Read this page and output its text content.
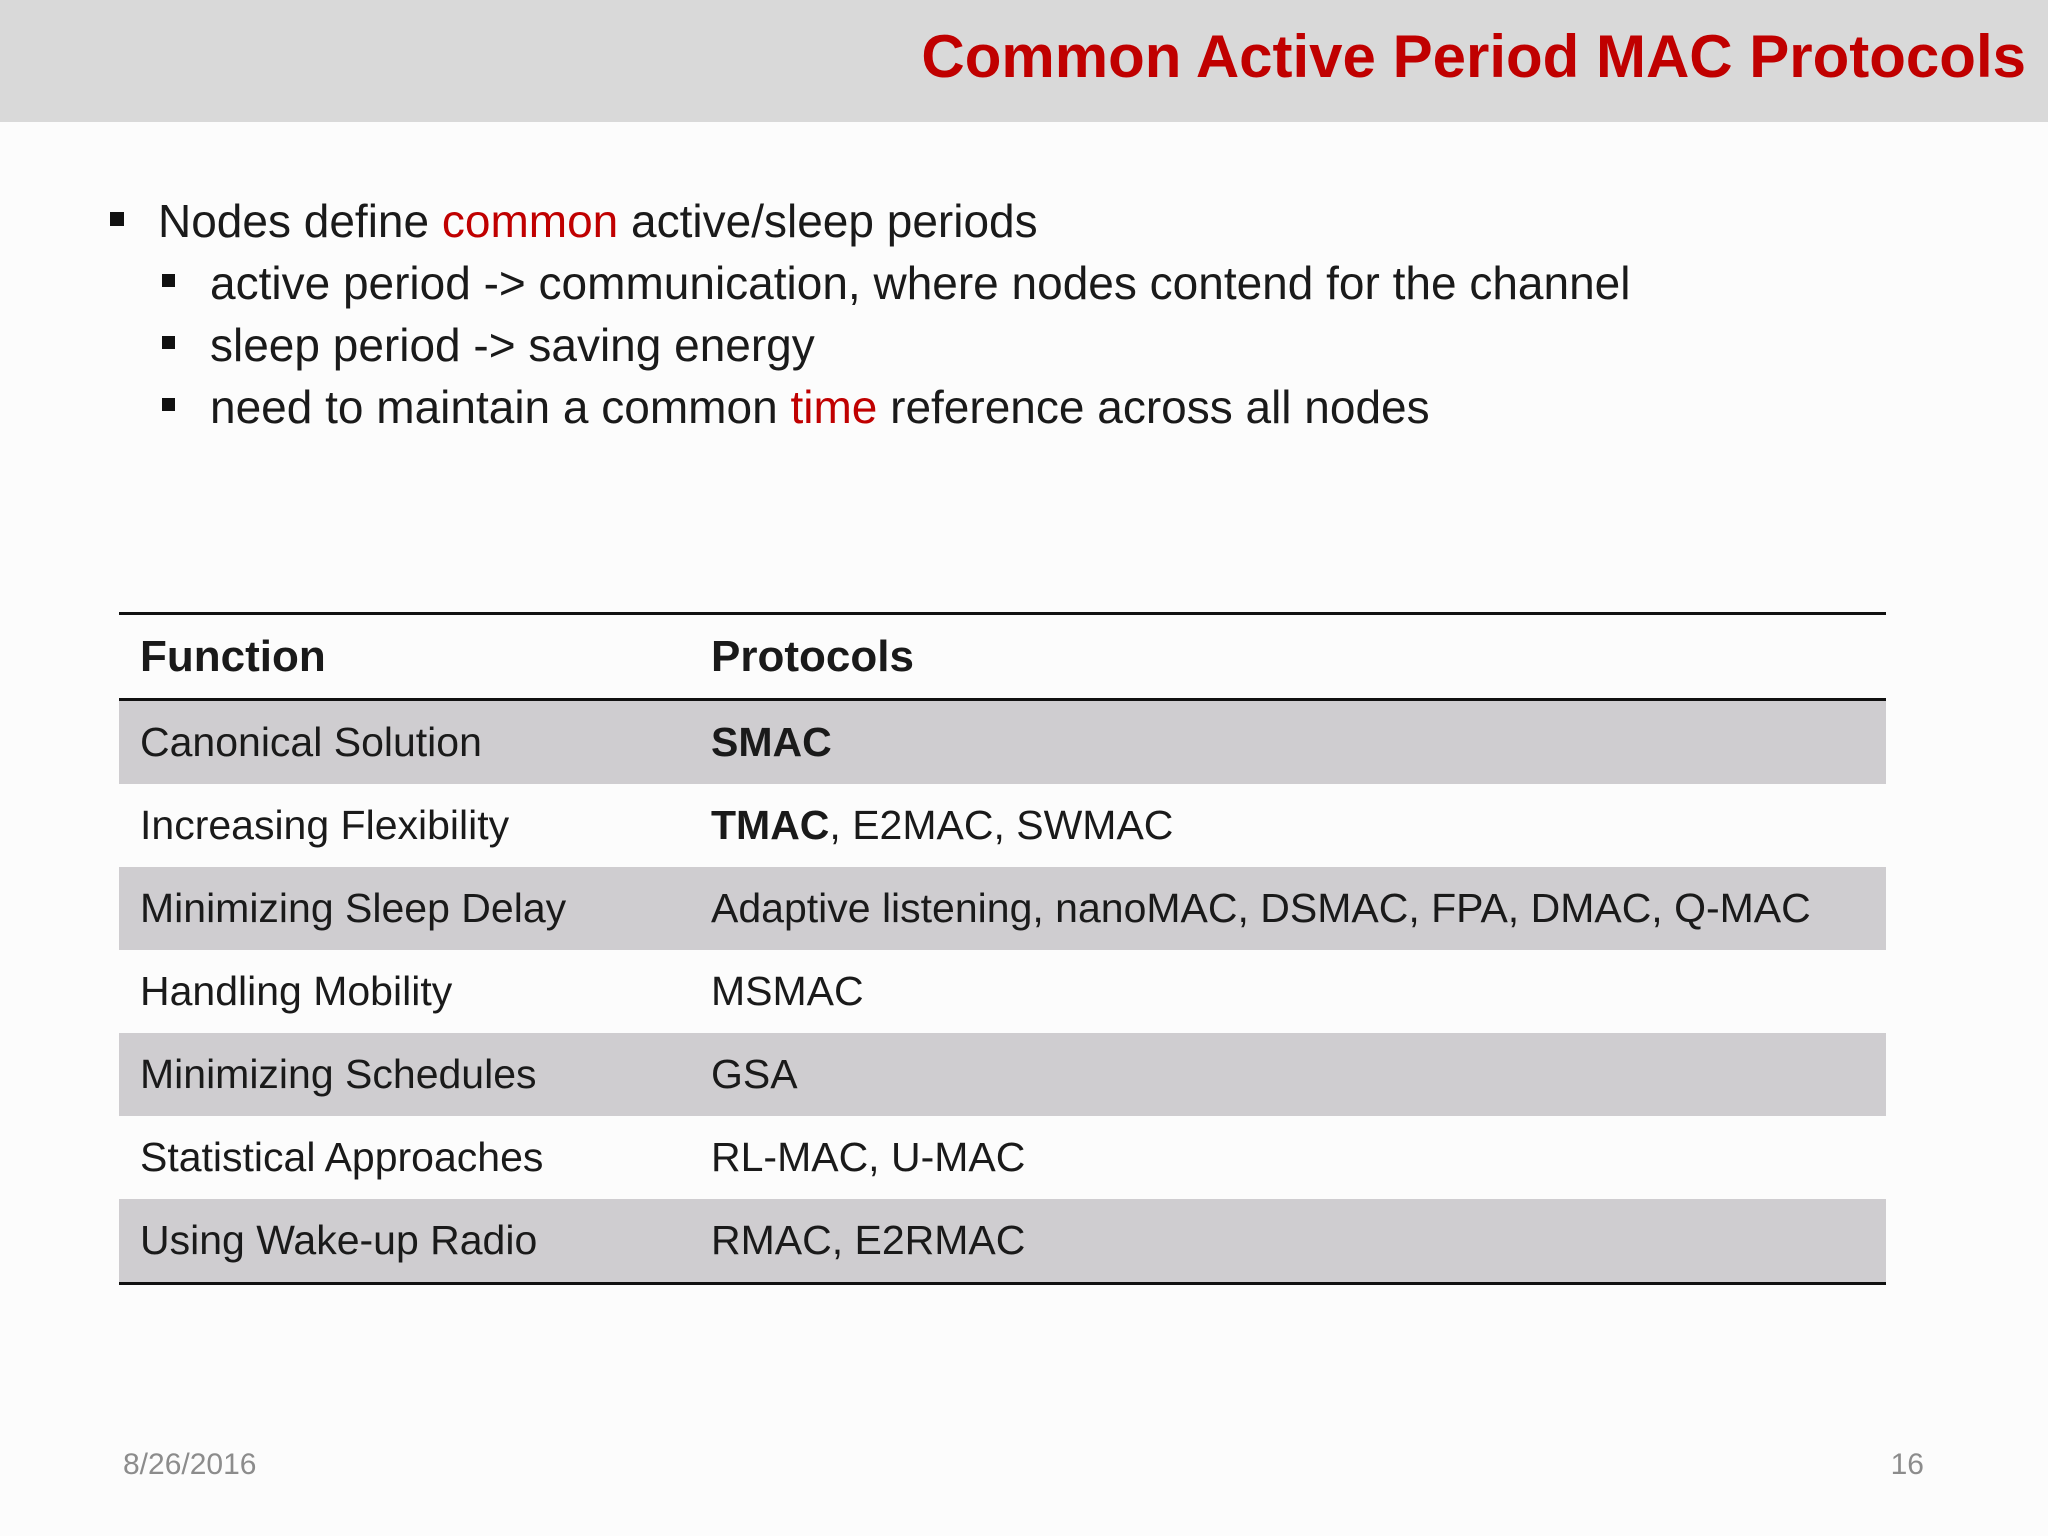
Common Active Period MAC Protocols
Nodes define common active/sleep periods
active period -> communication, where nodes contend for the channel
sleep period -> saving energy
need to maintain a common time reference across all nodes
Function	Protocols
Canonical Solution	SMAC
Increasing Flexibility	TMAC, E2MAC, SWMAC
Minimizing Sleep Delay	Adaptive listening, nanoMAC, DSMAC, FPA, DMAC, Q-MAC
Handling Mobility	MSMAC
Minimizing Schedules	GSA
Statistical Approaches	RL-MAC, U-MAC
Using Wake-up Radio	RMAC, E2RMAC
8/26/2016	16
